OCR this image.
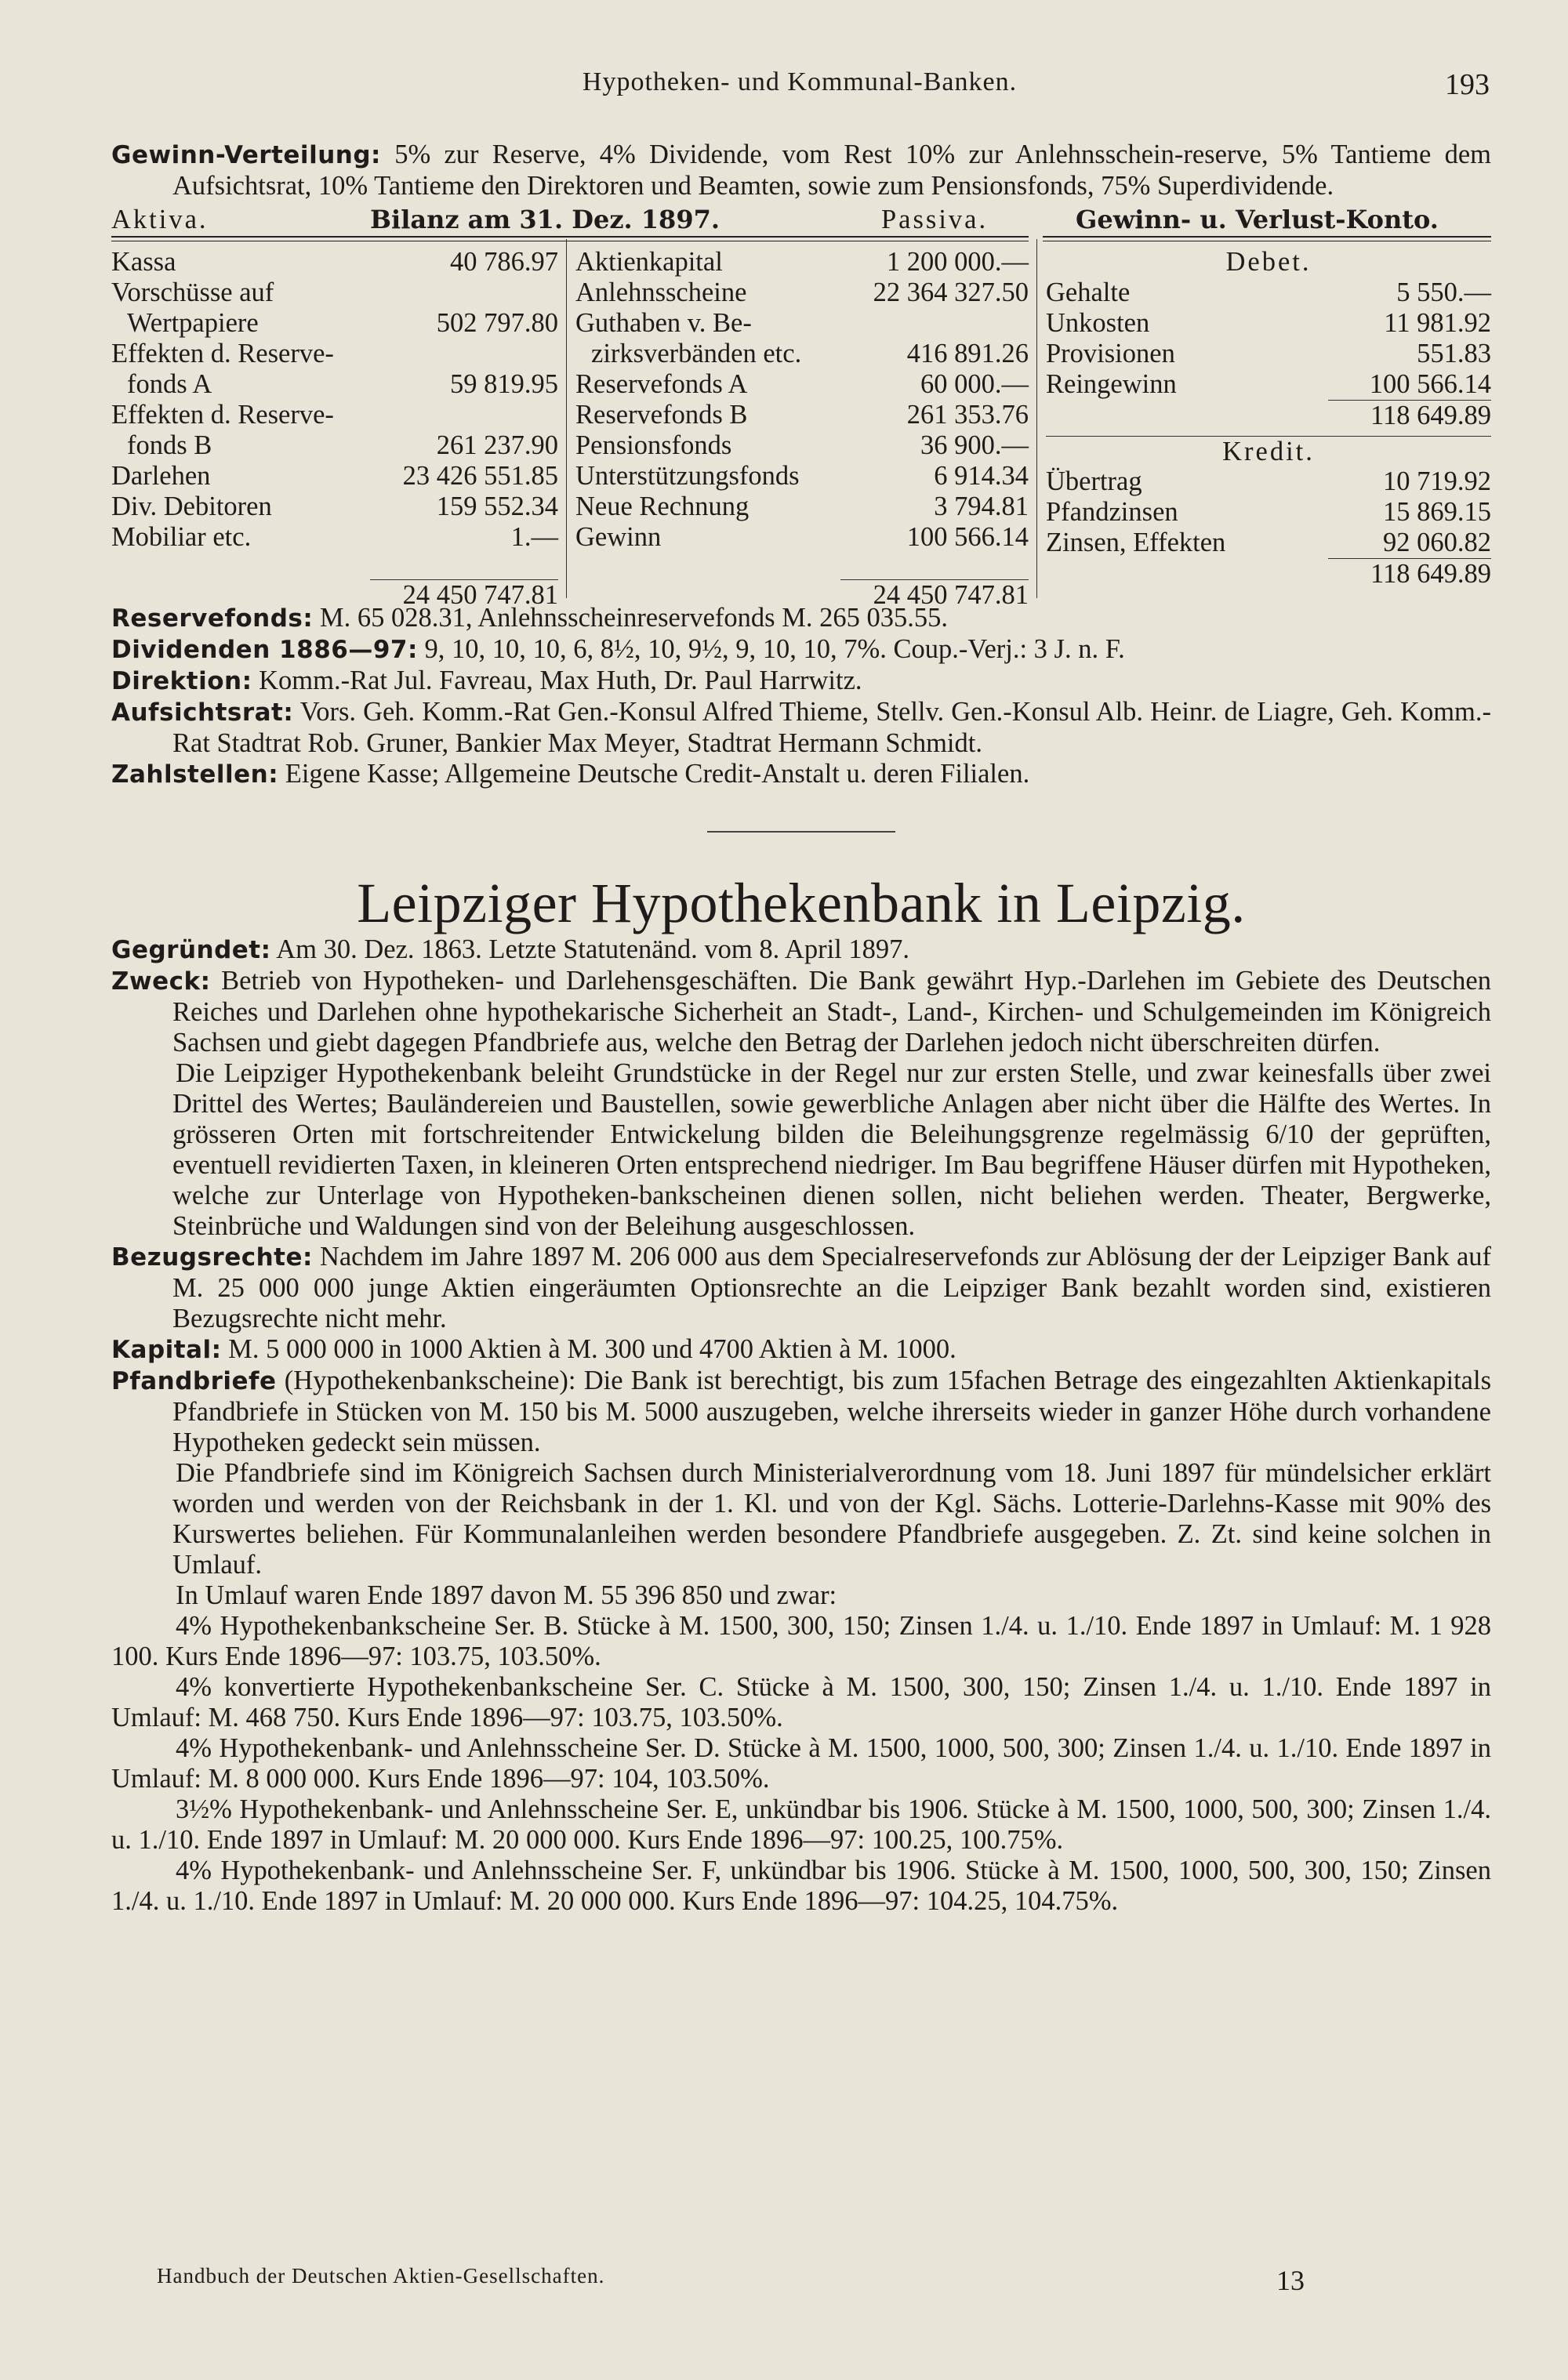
Hypotheken- und Kommunal-Banken.	193

Gewinn-Verteilung: 5% zur Reserve, 4% Dividende, vom Rest 10% zur Anlehnsschein-reserve, 5% Tantieme dem Aufsichtsrat, 10% Tantieme den Direktoren und Beamten, sowie zum Pensionsfonds, 75% Superdividende.

Aktiva.	Bilanz am 31. Dez. 1897.	Passiva.	Gewinn- u. Verlust-Konto.
Kassa	40 786.97
Vorschüsse auf
Wertpapiere	502 797.80
Effekten d. Reserve-
fonds A	59 819.95
Effekten d. Reserve-
fonds B	261 237.90
Darlehen	23 426 551.85
Div. Debitoren	159 552.34
Mobiliar etc.	1.—
24 450 747.81
Aktienkapital	1 200 000.—
Anlehnsscheine	22 364 327.50
Guthaben v. Be-
zirksverbänden etc.	416 891.26
Reservefonds A	60 000.—
Reservefonds B	261 353.76
Pensionsfonds	36 900.—
Unterstützungsfonds	6 914.34
Neue Rechnung	3 794.81
Gewinn	100 566.14
24 450 747.81
Debet.
Gehalte	5 550.—
Unkosten	11 981.92
Provisionen	551.83
Reingewinn	100 566.14
118 649.89
Kredit.
Übertrag	10 719.92
Pfandzinsen	15 869.15
Zinsen, Effekten	92 060.82
118 649.89

Reservefonds: M. 65 028.31, Anlehnsscheinreservefonds M. 265 035.55.

Dividenden 1886—97: 9, 10, 10, 10, 6, 8½, 10, 9½, 9, 10, 10, 7%. Coup.-Verj.: 3 J. n. F.

Direktion: Komm.-Rat Jul. Favreau, Max Huth, Dr. Paul Harrwitz.

Aufsichtsrat: Vors. Geh. Komm.-Rat Gen.-Konsul Alfred Thieme, Stellv. Gen.-Konsul Alb. Heinr. de Liagre, Geh. Komm.-Rat Stadtrat Rob. Gruner, Bankier Max Meyer, Stadtrat Hermann Schmidt.

Zahlstellen: Eigene Kasse; Allgemeine Deutsche Credit-Anstalt u. deren Filialen.

Leipziger Hypothekenbank in Leipzig.

Gegründet: Am 30. Dez. 1863. Letzte Statutenänd. vom 8. April 1897.

Zweck: Betrieb von Hypotheken- und Darlehensgeschäften. Die Bank gewährt Hyp.-Darlehen im Gebiete des Deutschen Reiches und Darlehen ohne hypothekarische Sicherheit an Stadt-, Land-, Kirchen- und Schulgemeinden im Königreich Sachsen und giebt dagegen Pfandbriefe aus, welche den Betrag der Darlehen jedoch nicht überschreiten dürfen.

Die Leipziger Hypothekenbank beleiht Grundstücke in der Regel nur zur ersten Stelle, und zwar keinesfalls über zwei Drittel des Wertes; Bauländereien und Baustellen, sowie gewerbliche Anlagen aber nicht über die Hälfte des Wertes. In grösseren Orten mit fortschreitender Entwickelung bilden die Beleihungsgrenze regelmässig 6/10 der geprüften, eventuell revidierten Taxen, in kleineren Orten entsprechend niedriger. Im Bau begriffene Häuser dürfen mit Hypotheken, welche zur Unterlage von Hypotheken-bankscheinen dienen sollen, nicht beliehen werden. Theater, Bergwerke, Steinbrüche und Waldungen sind von der Beleihung ausgeschlossen.

Bezugsrechte: Nachdem im Jahre 1897 M. 206 000 aus dem Specialreservefonds zur Ablösung der der Leipziger Bank auf M. 25 000 000 junge Aktien eingeräumten Optionsrechte an die Leipziger Bank bezahlt worden sind, existieren Bezugsrechte nicht mehr.

Kapital: M. 5 000 000 in 1000 Aktien à M. 300 und 4700 Aktien à M. 1000.

Pfandbriefe (Hypothekenbankscheine): Die Bank ist berechtigt, bis zum 15fachen Betrage des eingezahlten Aktienkapitals Pfandbriefe in Stücken von M. 150 bis M. 5000 auszugeben, welche ihrerseits wieder in ganzer Höhe durch vorhandene Hypotheken gedeckt sein müssen.

Die Pfandbriefe sind im Königreich Sachsen durch Ministerialverordnung vom 18. Juni 1897 für mündelsicher erklärt worden und werden von der Reichsbank in der 1. Kl. und von der Kgl. Sächs. Lotterie-Darlehns-Kasse mit 90% des Kurswertes beliehen. Für Kommunalanleihen werden besondere Pfandbriefe ausgegeben. Z. Zt. sind keine solchen in Umlauf.

In Umlauf waren Ende 1897 davon M. 55 396 850 und zwar:

4% Hypothekenbankscheine Ser. B. Stücke à M. 1500, 300, 150; Zinsen 1./4. u. 1./10. Ende 1897 in Umlauf: M. 1 928 100. Kurs Ende 1896—97: 103.75, 103.50%.

4% konvertierte Hypothekenbankscheine Ser. C. Stücke à M. 1500, 300, 150; Zinsen 1./4. u. 1./10. Ende 1897 in Umlauf: M. 468 750. Kurs Ende 1896—97: 103.75, 103.50%.

4% Hypothekenbank- und Anlehnsscheine Ser. D. Stücke à M. 1500, 1000, 500, 300; Zinsen 1./4. u. 1./10. Ende 1897 in Umlauf: M. 8 000 000. Kurs Ende 1896—97: 104, 103.50%.

3½% Hypothekenbank- und Anlehnsscheine Ser. E, unkündbar bis 1906. Stücke à M. 1500, 1000, 500, 300; Zinsen 1./4. u. 1./10. Ende 1897 in Umlauf: M. 20 000 000. Kurs Ende 1896—97: 100.25, 100.75%.

4% Hypothekenbank- und Anlehnsscheine Ser. F, unkündbar bis 1906. Stücke à M. 1500, 1000, 500, 300, 150; Zinsen 1./4. u. 1./10. Ende 1897 in Umlauf: M. 20 000 000. Kurs Ende 1896—97: 104.25, 104.75%.

Handbuch der Deutschen Aktien-Gesellschaften.	13
